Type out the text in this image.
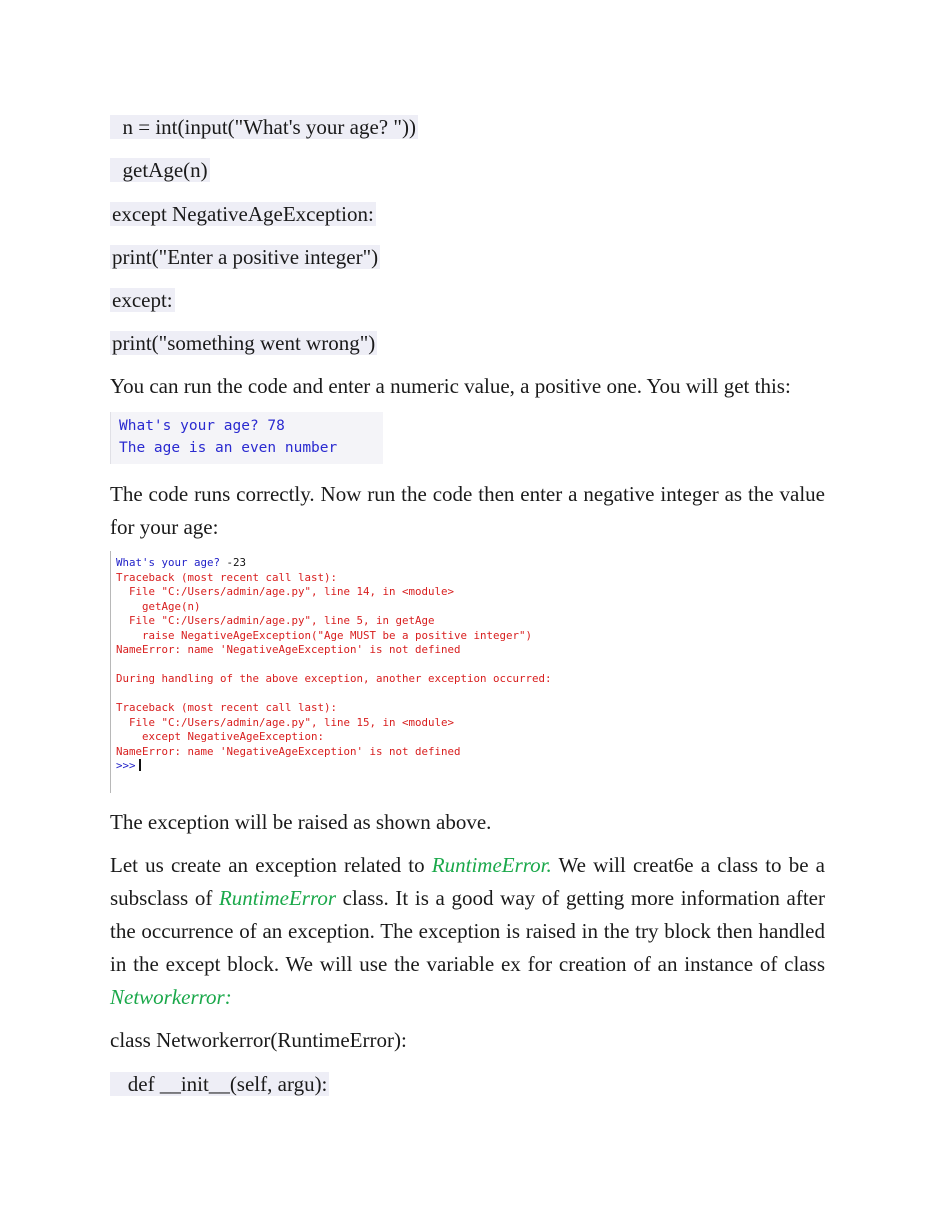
n = int(input("What's your age? "))
getAge(n)
except NegativeAgeException:
print("Enter a positive integer")
except:
print("something went wrong")

You can run the code and enter a numeric value, a positive one. You will get this:

What's your age? 78
The age is an even number

The code runs correctly. Now run the code then enter a negative integer as the value for your age:

What's your age? -23
Traceback (most recent call last):
File "C:/Users/admin/age.py", line 14, in <module>
getAge(n)
File "C:/Users/admin/age.py", line 5, in getAge
raise NegativeAgeException("Age MUST be a positive integer")
NameError: name 'NegativeAgeException' is not defined
During handling of the above exception, another exception occurred:
Traceback (most recent call last):
File "C:/Users/admin/age.py", line 15, in <module>
except NegativeAgeException:
NameError: name 'NegativeAgeException' is not defined
>>>

The exception will be raised as shown above.

Let us create an exception related to RuntimeError. We will creat6e a class to be a subsclass of RuntimeError class. It is a good way of getting more information after the occurrence of an exception. The exception is raised in the try block then handled in the except block. We will use the variable ex for creation of an instance of class Networkerror:

class Networkerror(RuntimeError):
def __init__(self, argu):
